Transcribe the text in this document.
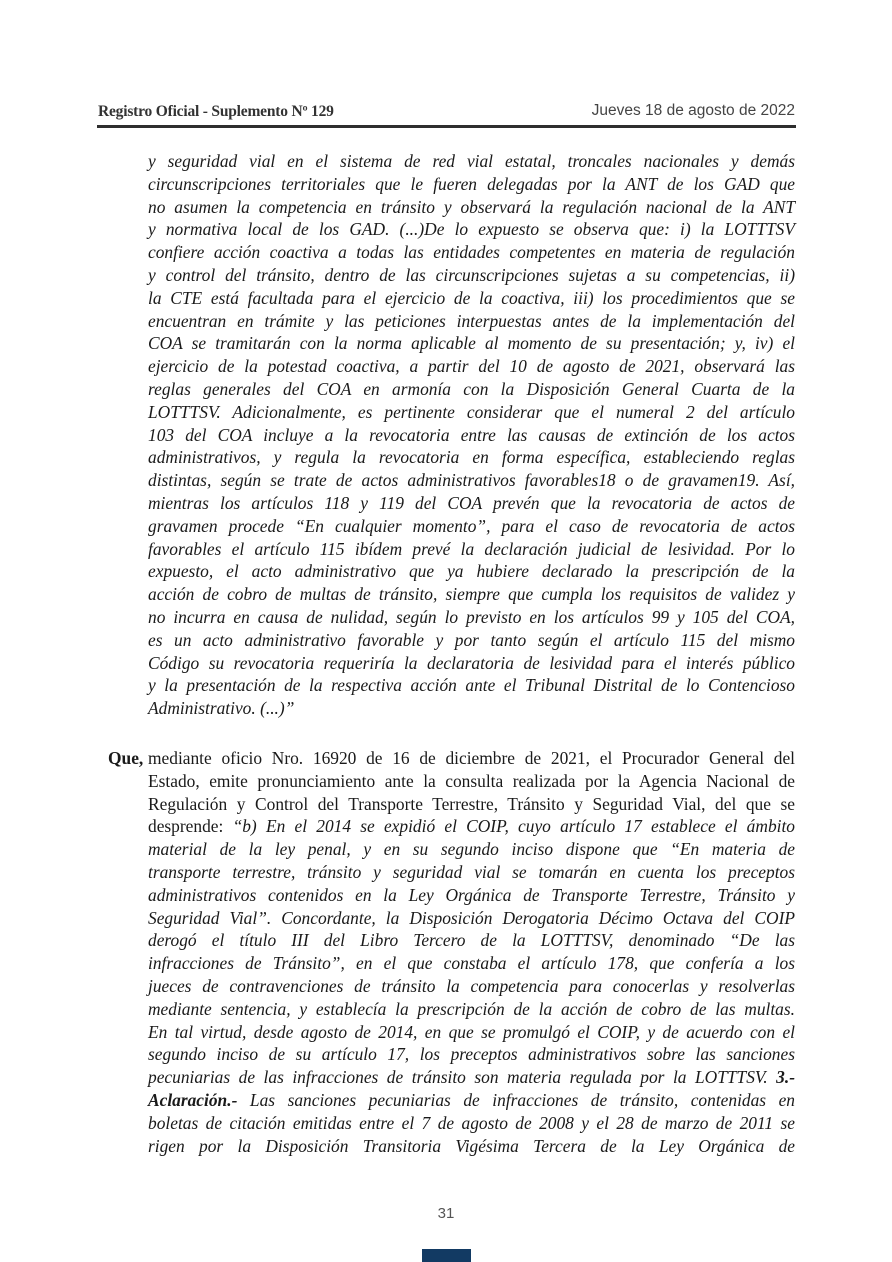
Registro Oficial - Suplemento Nº 129	Jueves 18 de agosto de 2022
y seguridad vial en el sistema de red vial estatal, troncales nacionales y demás
circunscripciones territoriales que le fueren delegadas por la ANT de los GAD que
no asumen la competencia en tránsito y observará la regulación nacional de la ANT
y normativa local de los GAD. (...)De lo expuesto se observa que: i) la LOTTTSV
confiere acción coactiva a todas las entidades competentes en materia de regulación
y control del tránsito, dentro de las circunscripciones sujetas a su competencias, ii)
la CTE está facultada para el ejercicio de la coactiva, iii) los procedimientos que se
encuentran en trámite y las peticiones interpuestas antes de la implementación del
COA se tramitarán con la norma aplicable al momento de su presentación; y, iv) el
ejercicio de la potestad coactiva, a partir del 10 de agosto de 2021, observará las
reglas generales del COA en armonía con la Disposición General Cuarta de la
LOTTTSV. Adicionalmente, es pertinente considerar que el numeral 2 del artículo
103 del COA incluye a la revocatoria entre las causas de extinción de los actos
administrativos, y regula la revocatoria en forma específica, estableciendo reglas
distintas, según se trate de actos administrativos favorables18 o de gravamen19. Así,
mientras los artículos 118 y 119 del COA prevén que la revocatoria de actos de
gravamen procede “En cualquier momento”, para el caso de revocatoria de actos
favorables el artículo 115 ibídem prevé la declaración judicial de lesividad. Por lo
expuesto, el acto administrativo que ya hubiere declarado la prescripción de la
acción de cobro de multas de tránsito, siempre que cumpla los requisitos de validez y
no incurra en causa de nulidad, según lo previsto en los artículos 99 y 105 del COA,
es un acto administrativo favorable y por tanto según el artículo 115 del mismo
Código su revocatoria requeriría la declaratoria de lesividad para el interés público
y la presentación de la respectiva acción ante el Tribunal Distrital de lo Contencioso
Administrativo. (...)”
Que, mediante oficio Nro. 16920 de 16 de diciembre de 2021, el Procurador General del
Estado, emite pronunciamiento ante la consulta realizada por la Agencia Nacional de
Regulación y Control del Transporte Terrestre, Tránsito y Seguridad Vial, del que se
desprende: “b) En el 2014 se expidió el COIP, cuyo artículo 17 establece el ámbito
material de la ley penal, y en su segundo inciso dispone que “En materia de
transporte terrestre, tránsito y seguridad vial se tomarán en cuenta los preceptos
administrativos contenidos en la Ley Orgánica de Transporte Terrestre, Tránsito y
Seguridad Vial”. Concordante, la Disposición Derogatoria Décimo Octava del COIP
derogó el título III del Libro Tercero de la LOTTTSV, denominado “De las
infracciones de Tránsito”, en el que constaba el artículo 178, que confería a los
jueces de contravenciones de tránsito la competencia para conocerlas y resolverlas
mediante sentencia, y establecía la prescripción de la acción de cobro de las multas.
En tal virtud, desde agosto de 2014, en que se promulgó el COIP, y de acuerdo con el
segundo inciso de su artículo 17, los preceptos administrativos sobre las sanciones
pecuniarias de las infracciones de tránsito son materia regulada por la LOTTTSV. 3.-
Aclaración.- Las sanciones pecuniarias de infracciones de tránsito, contenidas en
boletas de citación emitidas entre el 7 de agosto de 2008 y el 28 de marzo de 2011 se
rigen por la Disposición Transitoria Vigésima Tercera de la Ley Orgánica de
31
